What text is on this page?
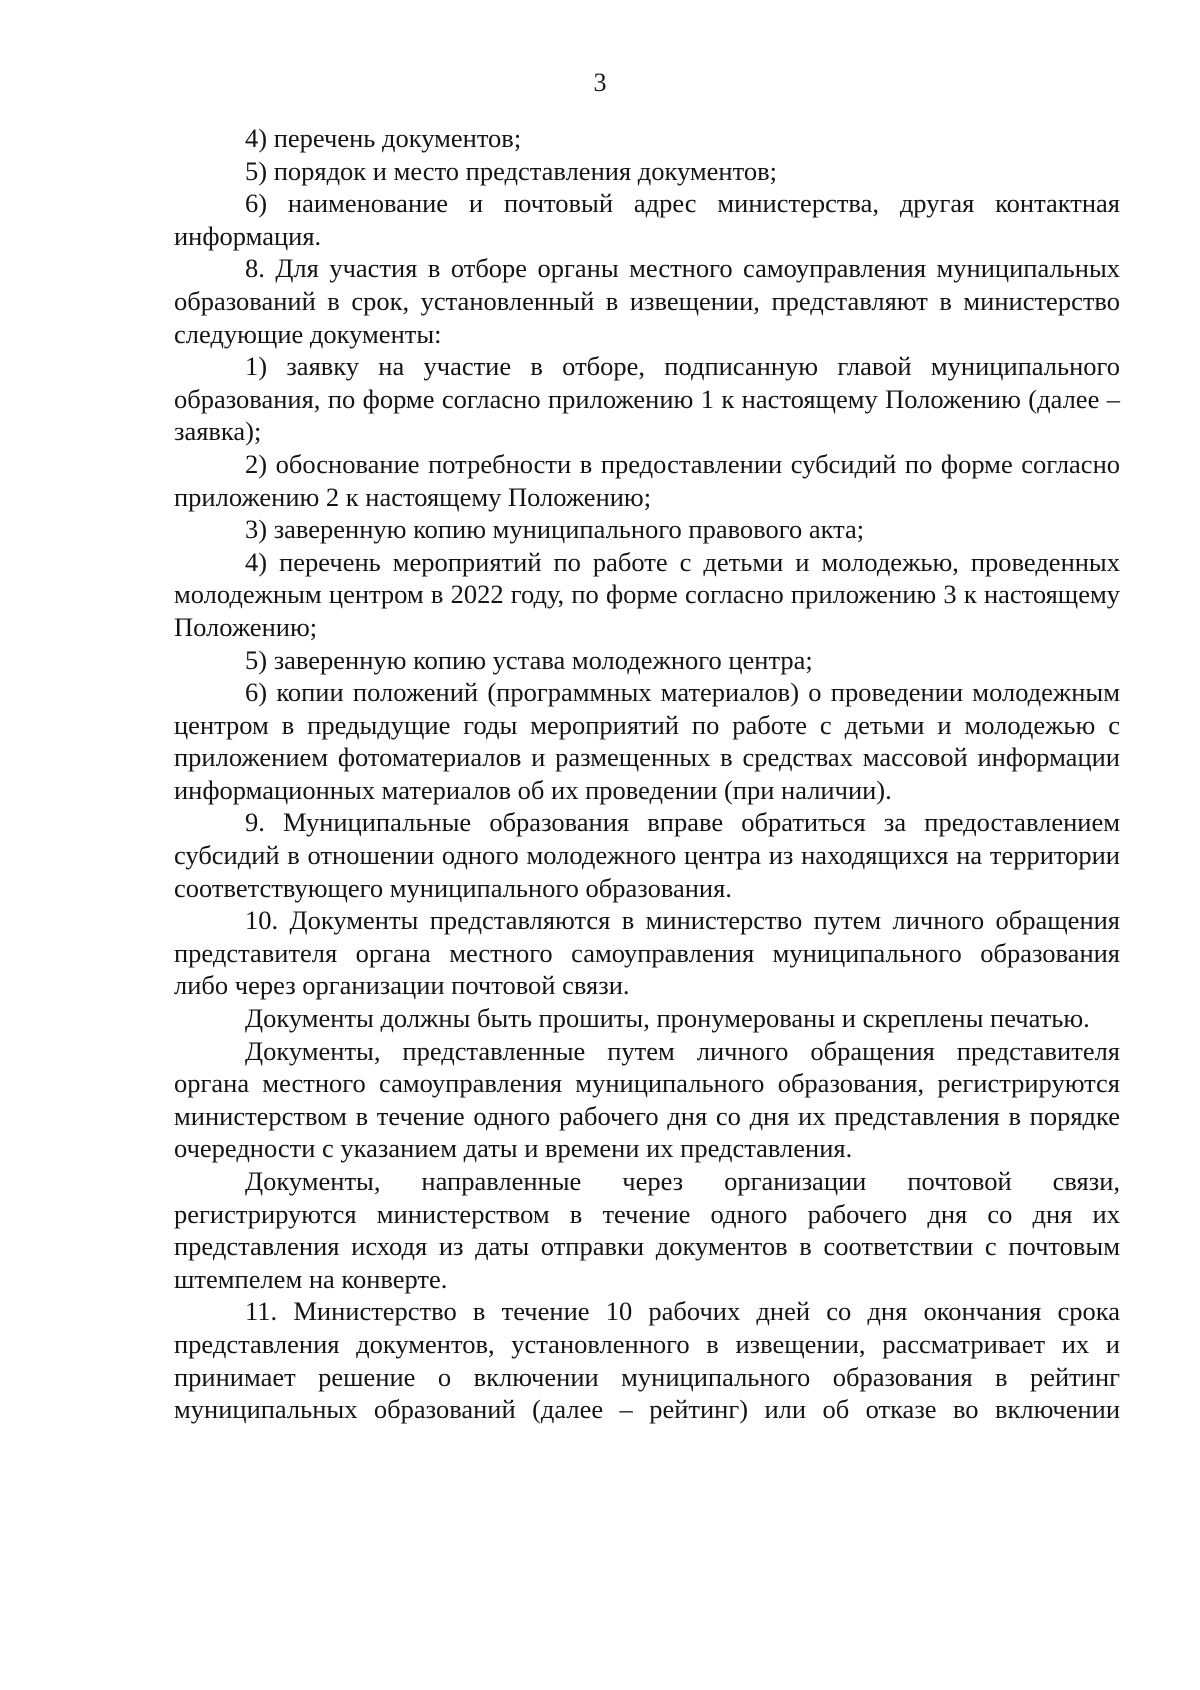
3

4) перечень документов;

5) порядок и место представления документов;

6) наименование и почтовый адрес министерства, другая контактная информация.

8. Для участия в отборе органы местного самоуправления муниципальных образований в срок, установленный в извещении, представляют в министерство следующие документы:

1) заявку на участие в отборе, подписанную главой муниципального образования, по форме согласно приложению 1 к настоящему Положению (далее – заявка);

2) обоснование потребности в предоставлении субсидий по форме согласно приложению 2 к настоящему Положению;

3) заверенную копию муниципального правового акта;

4) перечень мероприятий по работе с детьми и молодежью, проведенных молодежным центром в 2022 году, по форме согласно приложению 3 к настоящему Положению;

5) заверенную копию устава молодежного центра;

6) копии положений (программных материалов) о проведении молодежным центром в предыдущие годы мероприятий по работе с детьми и молодежью с приложением фотоматериалов и размещенных в средствах массовой информации информационных материалов об их проведении (при наличии).

9. Муниципальные образования вправе обратиться за предоставлением субсидий в отношении одного молодежного центра из находящихся на территории соответствующего муниципального образования.

10. Документы представляются в министерство путем личного обращения представителя органа местного самоуправления муниципального образования либо через организации почтовой связи.

Документы должны быть прошиты, пронумерованы и скреплены печатью.

Документы, представленные путем личного обращения представителя органа местного самоуправления муниципального образования, регистрируются министерством в течение одного рабочего дня со дня их представления в порядке очередности с указанием даты и времени их представления.

Документы, направленные через организации почтовой связи, регистрируются министерством в течение одного рабочего дня со дня их представления исходя из даты отправки документов в соответствии с почтовым штемпелем на конверте.

11. Министерство в течение 10 рабочих дней со дня окончания срока представления документов, установленного в извещении, рассматривает их и принимает решение о включении муниципального образования в рейтинг муниципальных образований (далее – рейтинг) или об отказе во включении
